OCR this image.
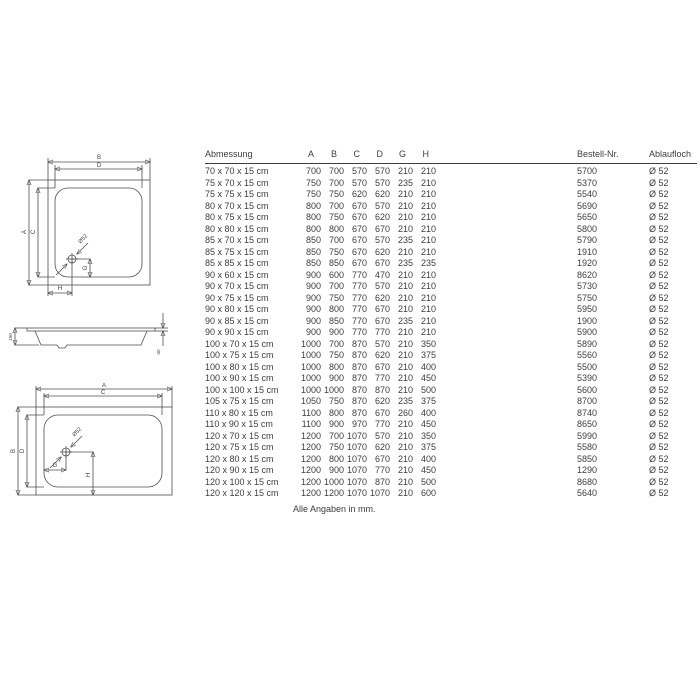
B
D
A C
Ø52
G
H
150
30
A
C
B D
Ø52
G
H
Abmessung	A	B	C	D	G	H		Bestell-Nr.	Ablaufloch
70 x 70 x 15 cm	700	700	570	570	210	210		5700	Ø 52
75 x 70 x 15 cm	750	700	570	570	235	210		5370	Ø 52
75 x 75 x 15 cm	750	750	620	620	210	210		5540	Ø 52
80 x 70 x 15 cm	800	700	670	570	210	210		5690	Ø 52
80 x 75 x 15 cm	800	750	670	620	210	210		5650	Ø 52
80 x 80 x 15 cm	800	800	670	670	210	210		5800	Ø 52
85 x 70 x 15 cm	850	700	670	570	235	210		5790	Ø 52
85 x 75 x 15 cm	850	750	670	620	210	210		1910	Ø 52
85 x 85 x 15 cm	850	850	670	670	235	235		1920	Ø 52
90 x 60 x 15 cm	900	600	770	470	210	210		8620	Ø 52
90 x 70 x 15 cm	900	700	770	570	210	210		5730	Ø 52
90 x 75 x 15 cm	900	750	770	620	210	210		5750	Ø 52
90 x 80 x 15 cm	900	800	770	670	210	210		5950	Ø 52
90 x 85 x 15 cm	900	850	770	670	235	210		1900	Ø 52
90 x 90 x 15 cm	900	900	770	770	210	210		5900	Ø 52
100 x 70 x 15 cm	1000	700	870	570	210	350		5890	Ø 52
100 x 75 x 15 cm	1000	750	870	620	210	375		5560	Ø 52
100 x 80 x 15 cm	1000	800	870	670	210	400		5500	Ø 52
100 x 90 x 15 cm	1000	900	870	770	210	450		5390	Ø 52
100 x 100 x 15 cm	1000	1000	870	870	210	500		5600	Ø 52
105 x 75 x 15 cm	1050	750	870	620	235	375		8700	Ø 52
110 x 80 x 15 cm	1100	800	870	670	260	400		8740	Ø 52
110 x 90 x 15 cm	1100	900	970	770	210	450		8650	Ø 52
120 x 70 x 15 cm	1200	700	1070	570	210	350		5990	Ø 52
120 x 75 x 15 cm	1200	750	1070	620	210	375		5580	Ø 52
120 x 80 x 15 cm	1200	800	1070	670	210	400		5850	Ø 52
120 x 90 x 15 cm	1200	900	1070	770	210	450		1290	Ø 52
120 x 100 x 15 cm	1200	1000	1070	870	210	500		8680	Ø 52
120 x 120 x 15 cm	1200	1200	1070	1070	210	600		5640	Ø 52
Alle Angaben in mm.
